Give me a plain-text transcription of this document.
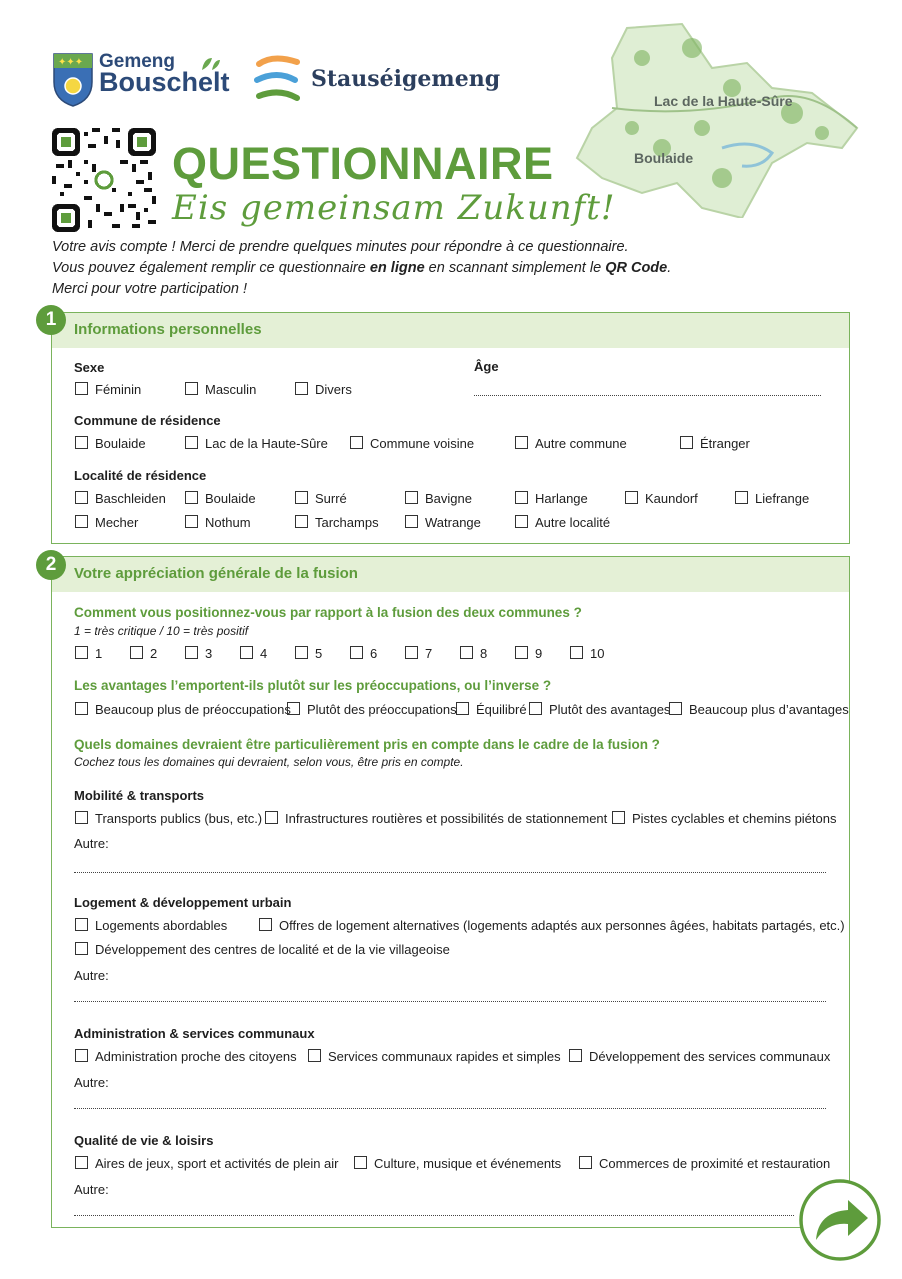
✦✦✦ Gemeng
Bouschelt	Stauséigemeng
Lac de la Haute-Sûre
Boulaide
QUESTIONNAIRE
Eis gemeinsam Zukunft!
Votre avis compte ! Merci de prendre quelques minutes pour répondre à ce questionnaire.
Vous pouvez également remplir ce questionnaire en ligne en scannant simplement le QR Code.
Merci pour votre participation !
Informations personnelles
Sexe	Âge
Féminin	Masculin	Divers
Commune de résidence
Boulaide	Lac de la Haute-Sûre	Commune voisine	Autre commune	Étranger
Localité de résidence
Baschleiden	Boulaide	Surré	Bavigne	Harlange	Kaundorf	Liefrange
Mecher	Nothum	Tarchamps	Watrange	Autre localité
1
Votre appréciation générale de la fusion
Comment vous positionnez-vous par rapport à la fusion des deux communes ?
1 = très critique / 10 = très positif
1	2	3	4	5	6	7	8	9	10
Les avantages l’emportent-ils plutôt sur les préoccupations, ou l’inverse ?
Beaucoup plus de préoccupations	Plutôt des préoccupations	Équilibré	Plutôt des avantages	Beaucoup plus d’avantages
Quels domaines devraient être particulièrement pris en compte dans le cadre de la fusion ?
Cochez tous les domaines qui devraient, selon vous, être pris en compte.
Mobilité & transports
Transports publics (bus, etc.)	Infrastructures routières et possibilités de stationnement	Pistes cyclables et chemins piétons
Autre:
Logement & développement urbain
Logements abordables	Offres de logement alternatives (logements adaptés aux personnes âgées, habitats partagés, etc.)
Développement des centres de localité et de la vie villageoise
Autre:
Administration & services communaux
Administration proche des citoyens	Services communaux rapides et simples	Développement des services communaux
Autre:
Qualité de vie & loisirs
Aires de jeux, sport et activités de plein air	Culture, musique et événements	Commerces de proximité et restauration
Autre:
2
